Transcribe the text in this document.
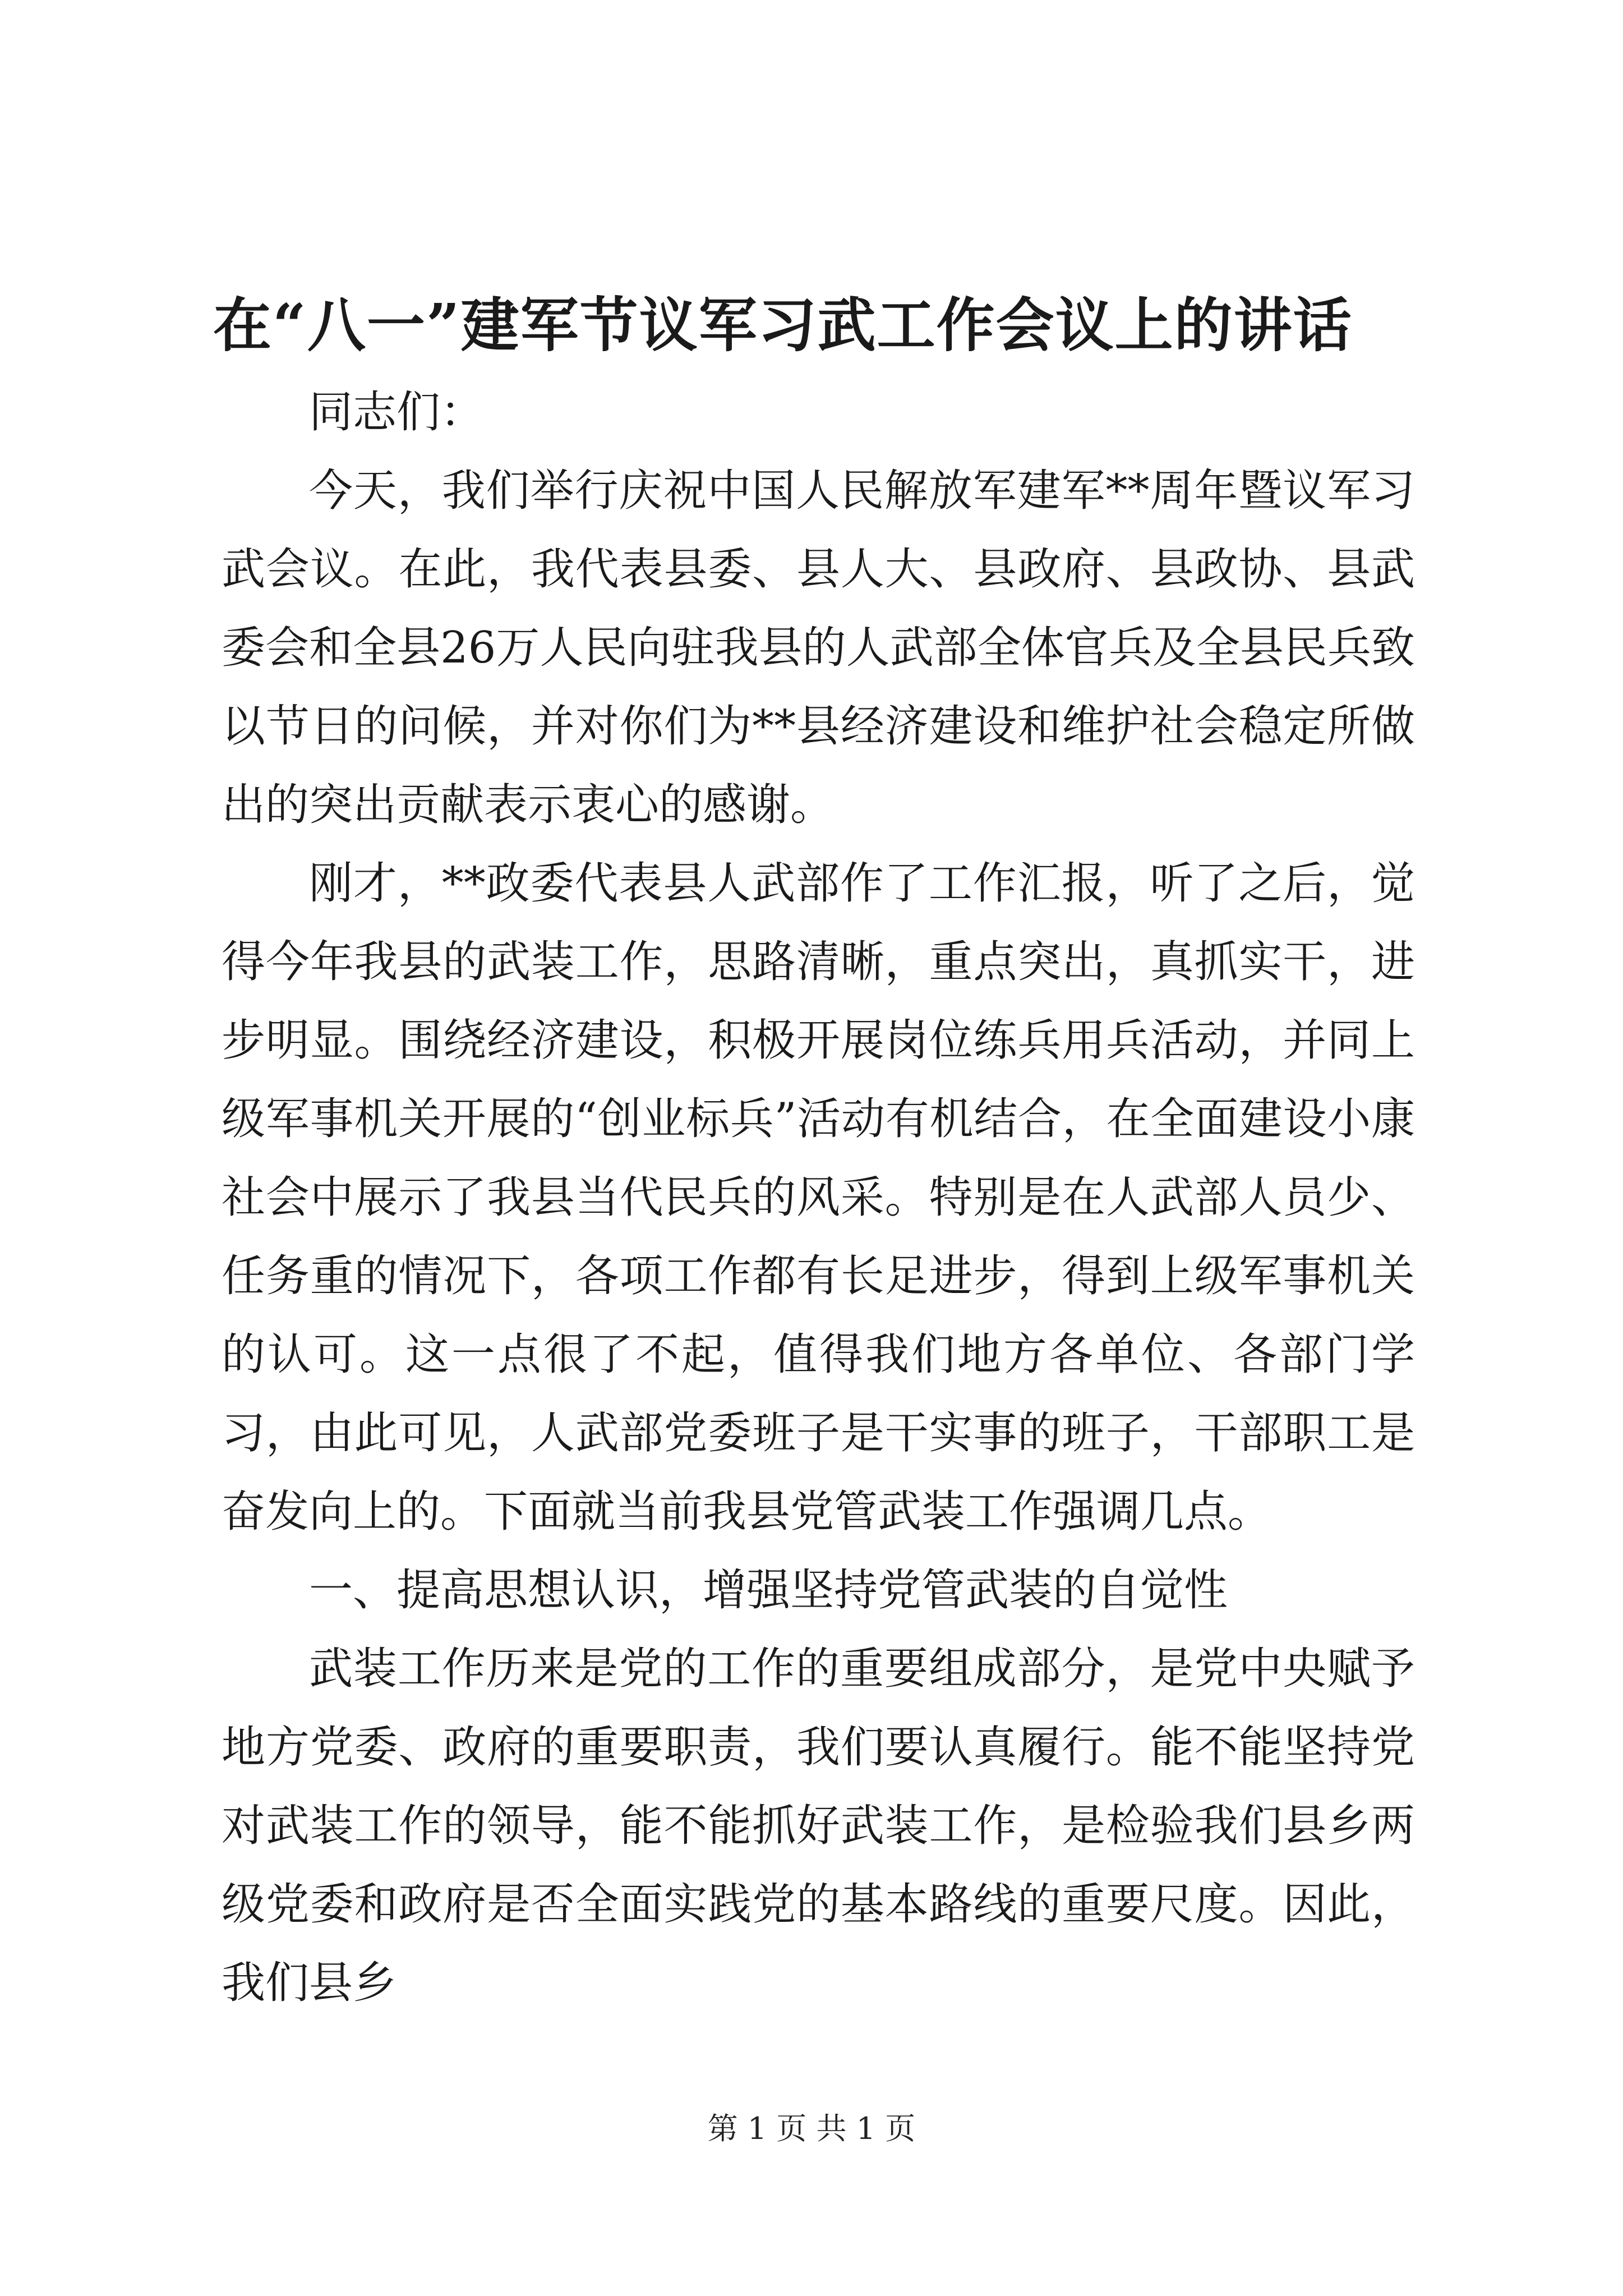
在“八一”建军节议军习武工作会议上的讲话

同志们：

今天，我们举行庆祝中国人民解放军建军**周年暨议军习武会议。在此，我代表县委、县人大、县政府、县政协、县武委会和全县26万人民向驻我县的人武部全体官兵及全县民兵致以节日的问候，并对你们为**县经济建设和维护社会稳定所做出的突出贡献表示衷心的感谢。

刚才，**政委代表县人武部作了工作汇报，听了之后，觉得今年我县的武装工作，思路清晰，重点突出，真抓实干，进步明显。围绕经济建设，积极开展岗位练兵用兵活动，并同上级军事机关开展的“创业标兵”活动有机结合，在全面建设小康社会中展示了我县当代民兵的风采。特别是在人武部人员少、任务重的情况下，各项工作都有长足进步，得到上级军事机关的认可。这一点很了不起，值得我们地方各单位、各部门学习，由此可见，人武部党委班子是干实事的班子，干部职工是奋发向上的。下面就当前我县党管武装工作强调几点。

一、提高思想认识，增强坚持党管武装的自觉性

武装工作历来是党的工作的重要组成部分，是党中央赋予地方党委、政府的重要职责，我们要认真履行。能不能坚持党对武装工作的领导，能不能抓好武装工作，是检验我们县乡两级党委和政府是否全面实践党的基本路线的重要尺度。因此，我们县乡

第 1 页 共 1 页
